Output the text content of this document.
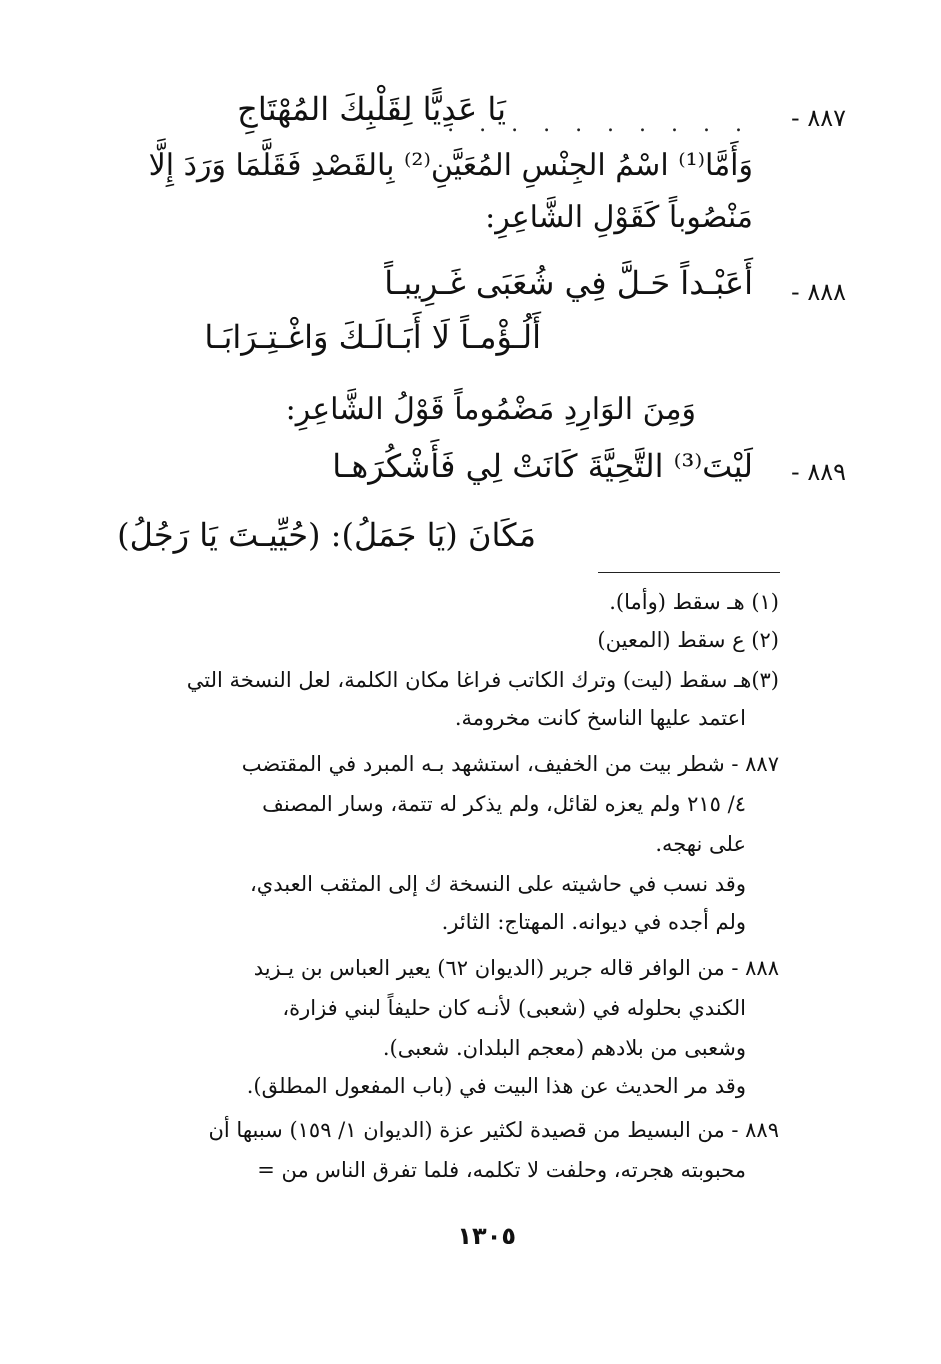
٨٨٧ -
. . . . . . . . . .
يَا عَدِيًّا لِقَلْبِكَ المُهْتَاجِ
وَأَمَّا⁽¹⁾ اسْمُ الجِنْسِ المُعَيَّنِ⁽²⁾ بِالقَصْدِ فَقَلَّمَا وَرَدَ إِلَّا
مَنْصُوباً كَقَوْلِ الشَّاعِرِ:
٨٨٨ -
أَعَبْـداً حَـلَّ فِي شُعَبَى غَـرِيبـاً
أَلُـؤْمـاً لَا أَبَـالَـكَ وَاغْـتِـرَابَـا
وَمِنَ الوَارِدِ مَضْمُوماً قَوْلُ الشَّاعِرِ:
٨٨٩ -
لَيْتَ⁽³⁾ التَّحِيَّةَ كَانَتْ لِي فَأَشْكُرَهـا
مَكَانَ (يَا جَمَلُ): (حُيِّيـتَ يَا رَجُلُ)
(١) هـ سقط (وأما).
(٢) ع سقط (المعين)
(٣)هـ سقط (ليت) وترك الكاتب فراغا مكان الكلمة، لعل النسخة التي
اعتمد عليها الناسخ كانت مخرومة.
٨٨٧ - شطر بيت من الخفيف، استشهد بـه المبرد في المقتضب
٤/ ٢١٥ ولم يعزه لقائل، ولم يذكر له تتمة، وسار المصنف
على نهجه.
وقد نسب في حاشيته على النسخة ك إلى المثقب العبدي،
ولم أجده في ديوانه. المهتاج: الثائر.
٨٨٨ - من الوافر قاله جرير (الديوان ٦٢) يعير العباس بن يـزيد
الكندي بحلوله في (شعبى) لأنـه كان حليفاً لبني فزارة،
وشعبى من بلادهم (معجم البلدان. شعبى).
وقد مر الحديث عن هذا البيت في (باب المفعول المطلق).
٨٨٩ - من البسيط من قصيدة لكثير عزة (الديوان ١/ ١٥٩) سببها أن
محبوبته هجرته، وحلفت لا تكلمه، فلما تفرق الناس من =
١٣٠٥
